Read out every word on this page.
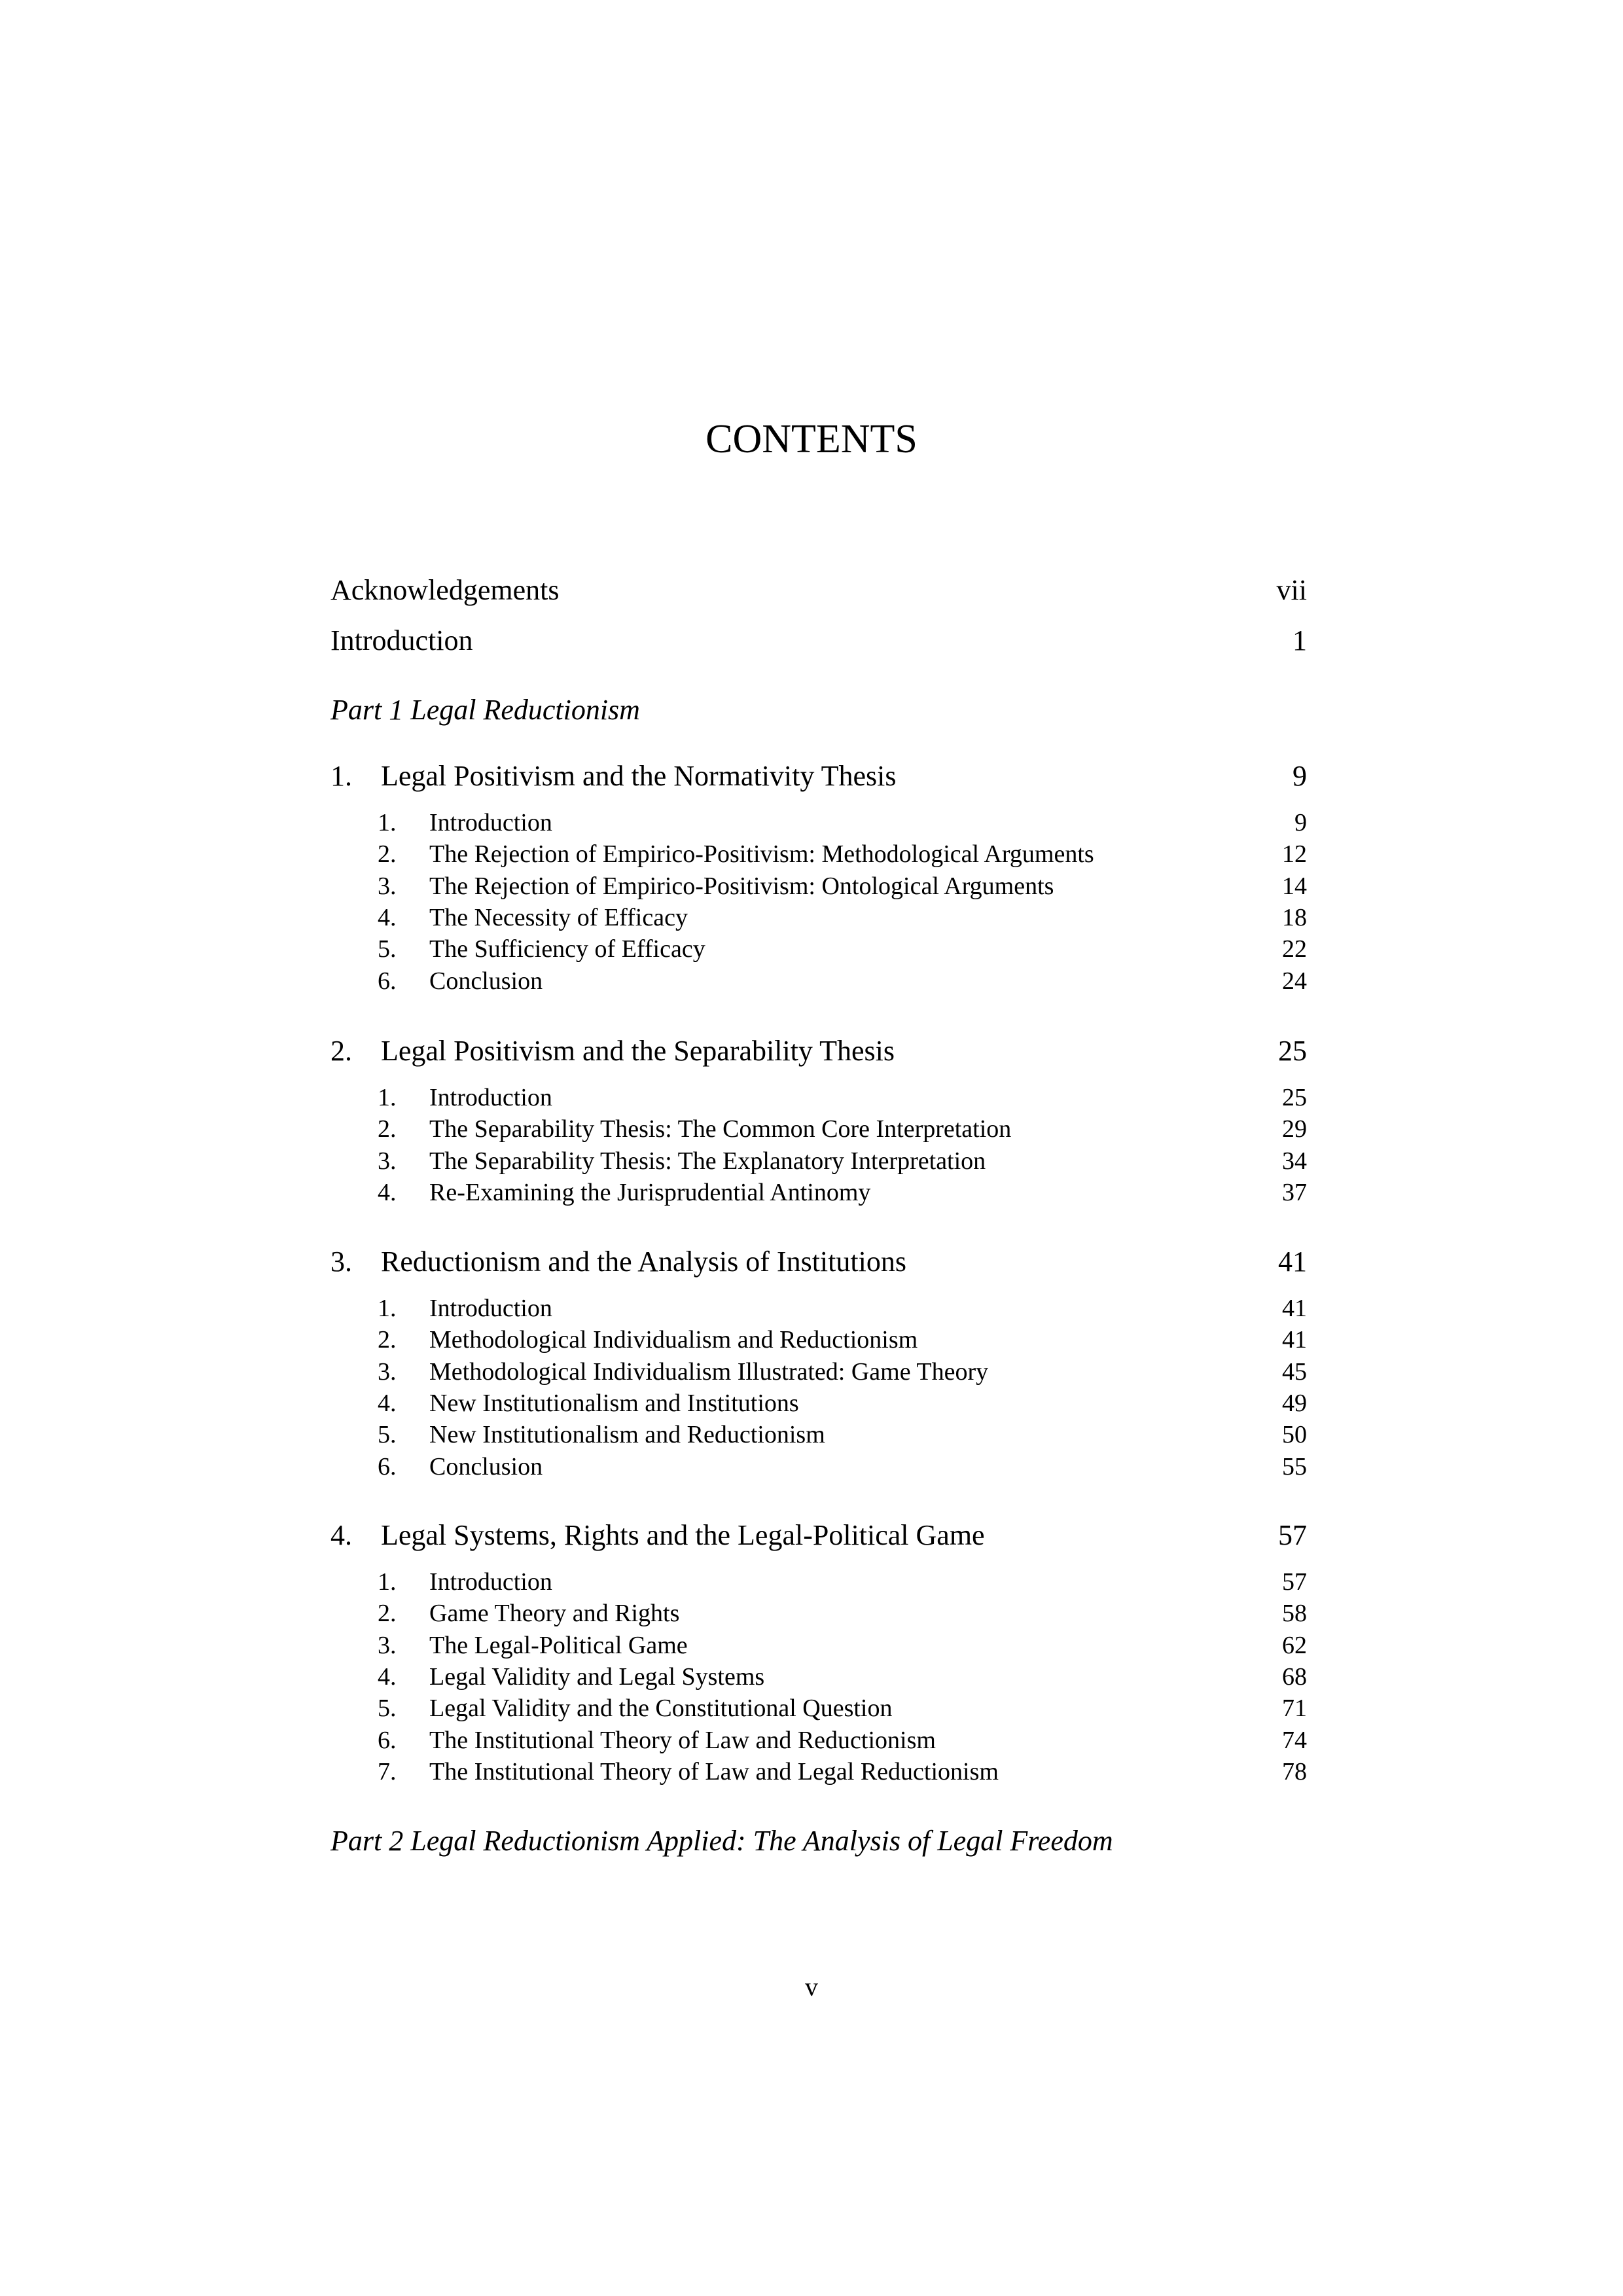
CONTENTS
Acknowledgements	vii
Introduction	1
Part 1 Legal Reductionism
1. Legal Positivism and the Normativity Thesis	9
1. Introduction	9
2. The Rejection of Empirico-Positivism: Methodological Arguments	12
3. The Rejection of Empirico-Positivism: Ontological Arguments	14
4. The Necessity of Efficacy	18
5. The Sufficiency of Efficacy	22
6. Conclusion	24
2. Legal Positivism and the Separability Thesis	25
1. Introduction	25
2. The Separability Thesis: The Common Core Interpretation	29
3. The Separability Thesis: The Explanatory Interpretation	34
4. Re-Examining the Jurisprudential Antinomy	37
3. Reductionism and the Analysis of Institutions	41
1. Introduction	41
2. Methodological Individualism and Reductionism	41
3. Methodological Individualism Illustrated: Game Theory	45
4. New Institutionalism and Institutions	49
5. New Institutionalism and Reductionism	50
6. Conclusion	55
4. Legal Systems, Rights and the Legal-Political Game	57
1. Introduction	57
2. Game Theory and Rights	58
3. The Legal-Political Game	62
4. Legal Validity and Legal Systems	68
5. Legal Validity and the Constitutional Question	71
6. The Institutional Theory of Law and Reductionism	74
7. The Institutional Theory of Law and Legal Reductionism	78
Part 2 Legal Reductionism Applied: The Analysis of Legal Freedom
v
